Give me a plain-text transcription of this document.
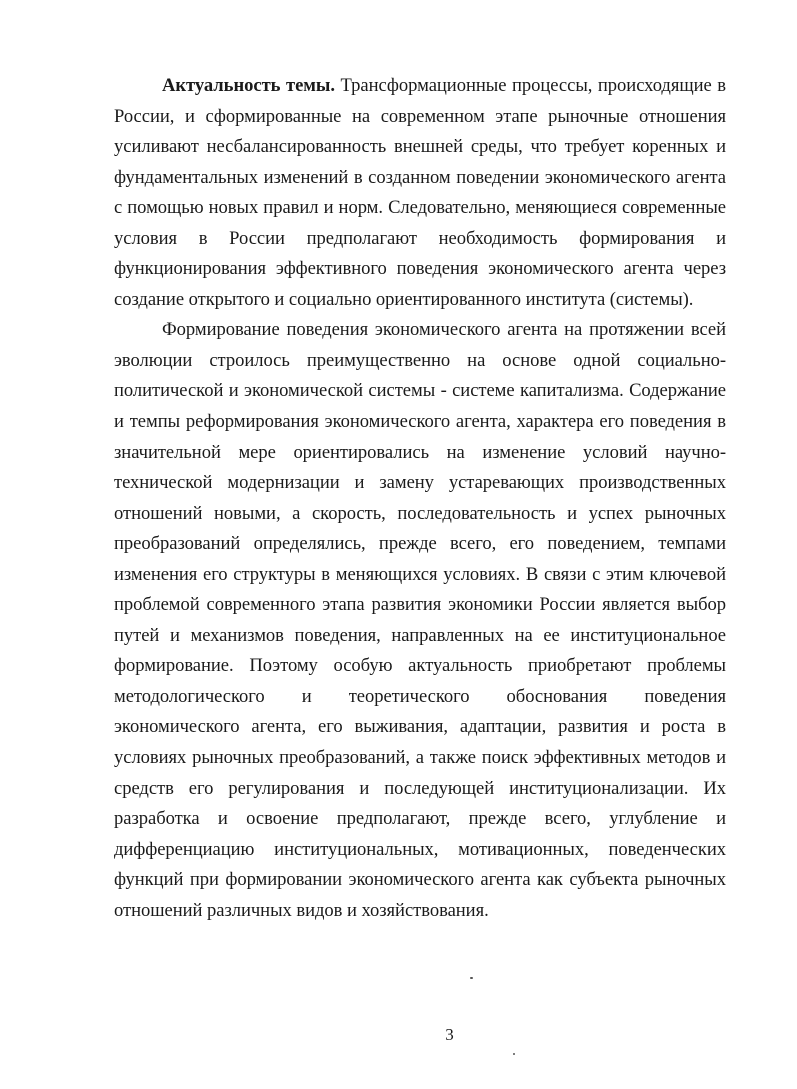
Актуальность темы. Трансформационные процессы, происходящие в России, и сформированные на современном этапе рыночные отношения усиливают несбалансированность внешней среды, что требует коренных и фундаментальных изменений в созданном поведении экономического агента с помощью новых правил и норм. Следовательно, меняющиеся современные условия в России предполагают необходимость формирования и функционирования эффективного поведения экономического агента через создание открытого и социально ориентированного института (системы).

Формирование поведения экономического агента на протяжении всей эволюции строилось преимущественно на основе одной социально-политической и экономической системы - системе капитализма. Содержание и темпы реформирования экономического агента, характера его поведения в значительной мере ориентировались на изменение условий научно-технической модернизации и замену устаревающих производственных отношений новыми, а скорость, последовательность и успех рыночных преобразований определялись, прежде всего, его поведением, темпами изменения его структуры в меняющихся условиях. В связи с этим ключевой проблемой современного этапа развития экономики России является выбор путей и механизмов поведения, направленных на ее институциональное формирование. Поэтому особую актуальность приобретают проблемы методологического и теоретического обоснования поведения экономического агента, его выживания, адаптации, развития и роста в условиях рыночных преобразований, а также поиск эффективных методов и средств его регулирования и последующей институционализации. Их разработка и освоение предполагают, прежде всего, углубление и дифференциацию институциональных, мотивационных, поведенческих функций при формировании экономического агента как субъекта рыночных отношений различных видов и хозяйствования.

3
